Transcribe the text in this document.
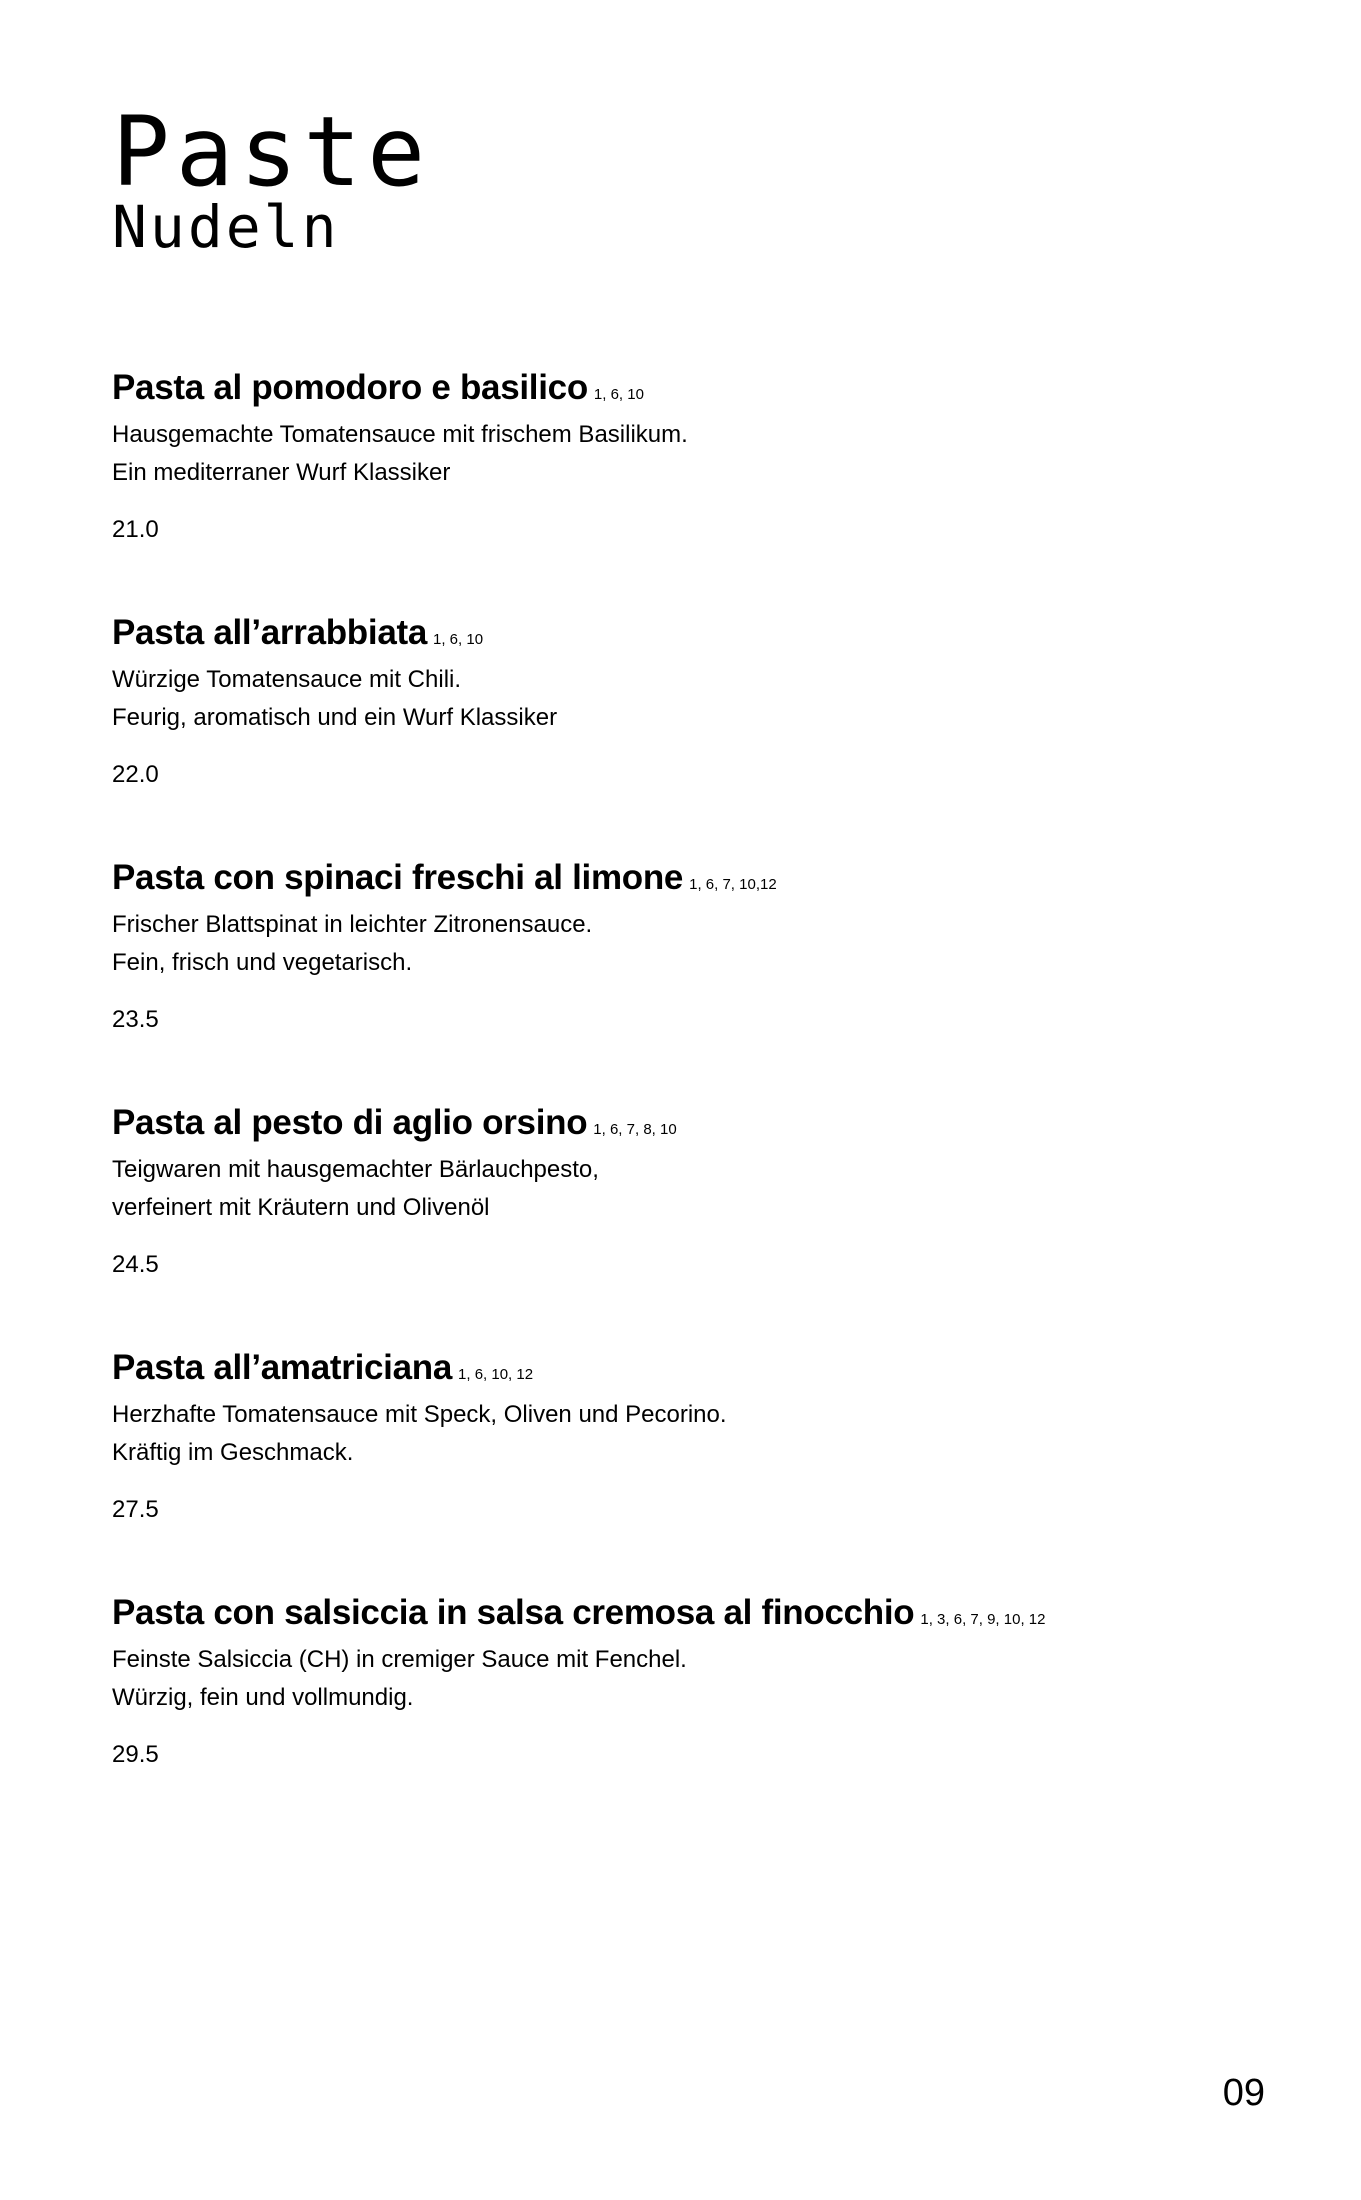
Paste
Nudeln
Pasta al pomodoro e basilico 1, 6, 10
Hausgemachte Tomatensauce mit frischem Basilikum.
Ein mediterraner Wurf Klassiker
21.0
Pasta all’arrabbiata 1, 6, 10
Würzige Tomatensauce mit Chili.
Feurig, aromatisch und ein Wurf Klassiker
22.0
Pasta con spinaci freschi al limone 1, 6, 7, 10,12
Frischer Blattspinat in leichter Zitronensauce.
Fein, frisch und vegetarisch.
23.5
Pasta al pesto di aglio orsino 1, 6, 7, 8, 10
Teigwaren mit hausgemachter Bärlauchpesto,
verfeinert mit Kräutern und Olivenöl
24.5
Pasta all’amatriciana 1, 6, 10, 12
Herzhafte Tomatensauce mit Speck, Oliven und Pecorino.
Kräftig im Geschmack.
27.5
Pasta con salsiccia in salsa cremosa al finocchio 1, 3, 6, 7, 9, 10, 12
Feinste Salsiccia (CH) in cremiger Sauce mit Fenchel.
Würzig, fein und vollmundig.
29.5
09
